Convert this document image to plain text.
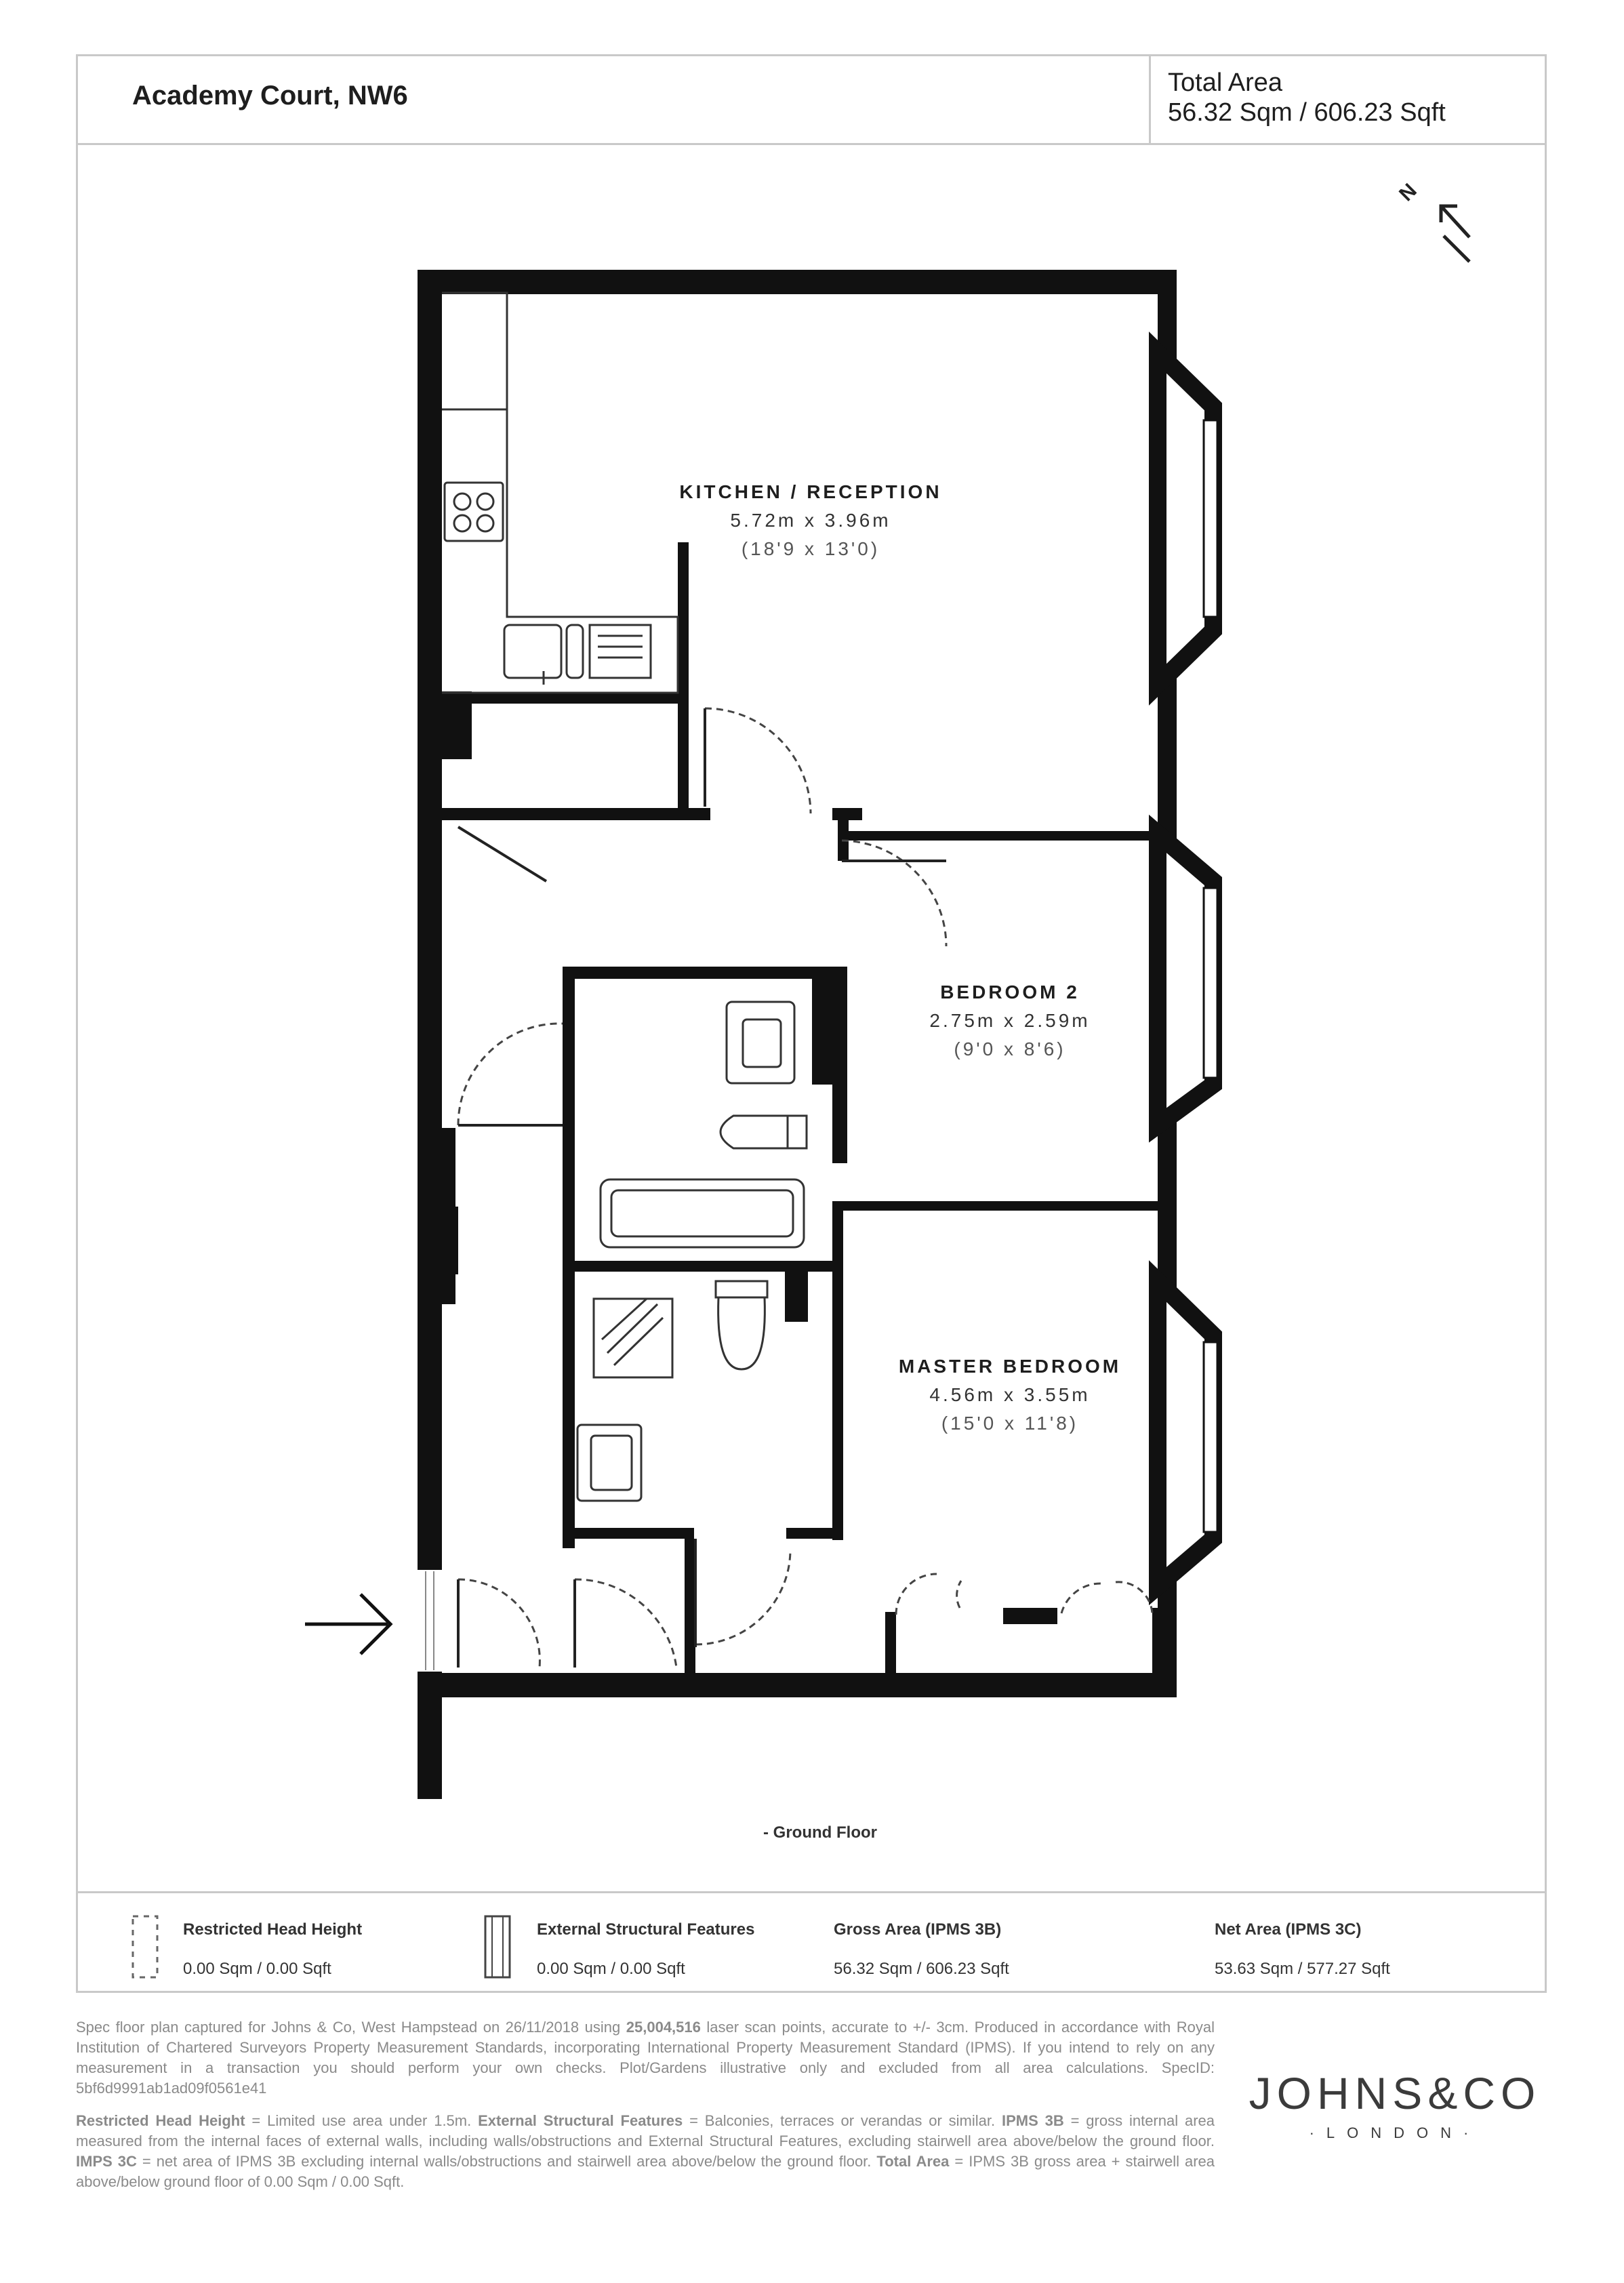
Academy Court, NW6	Total Area
56.32 Sqm / 606.23 Sqft
N
KITCHEN / RECEPTION
5.72m x 3.96m
(18'9 x 13'0)
BEDROOM 2
2.75m x 2.59m
(9'0 x 8'6)
MASTER BEDROOM
4.56m x 3.55m
(15'0 x 11'8)
- Ground Floor
Restricted Head Height
0.00 Sqm / 0.00 Sqft
External Structural Features
0.00 Sqm / 0.00 Sqft
Gross Area (IPMS 3B)
56.32 Sqm / 606.23 Sqft
Net Area (IPMS 3C)
53.63 Sqm / 577.27 Sqft
Spec floor plan captured for Johns & Co, West Hampstead on 26/11/2018 using 25,004,516 laser scan points, accurate to +/- 3cm. Produced in accordance with Royal Institution of Chartered Surveyors Property Measurement Standards, incorporating International Property Measurement Standard (IPMS). If you intend to rely on any measurement in a transaction you should perform your own checks. Plot/Gardens illustrative only and excluded from all area calculations. SpecID: 5bf6d9991ab1ad09f0561e41
Restricted Head Height = Limited use area under 1.5m. External Structural Features = Balconies, terraces or verandas or similar. IPMS 3B = gross internal area measured from the internal faces of external walls, including walls/obstructions and External Structural Features, excluding stairwell area above/below the ground floor. IMPS 3C = net area of IPMS 3B excluding internal walls/obstructions and stairwell area above/below the ground floor. Total Area = IPMS 3B gross area + stairwell area above/below ground floor of 0.00 Sqm / 0.00 Sqft.
JOHNS&CO
·LONDON·
